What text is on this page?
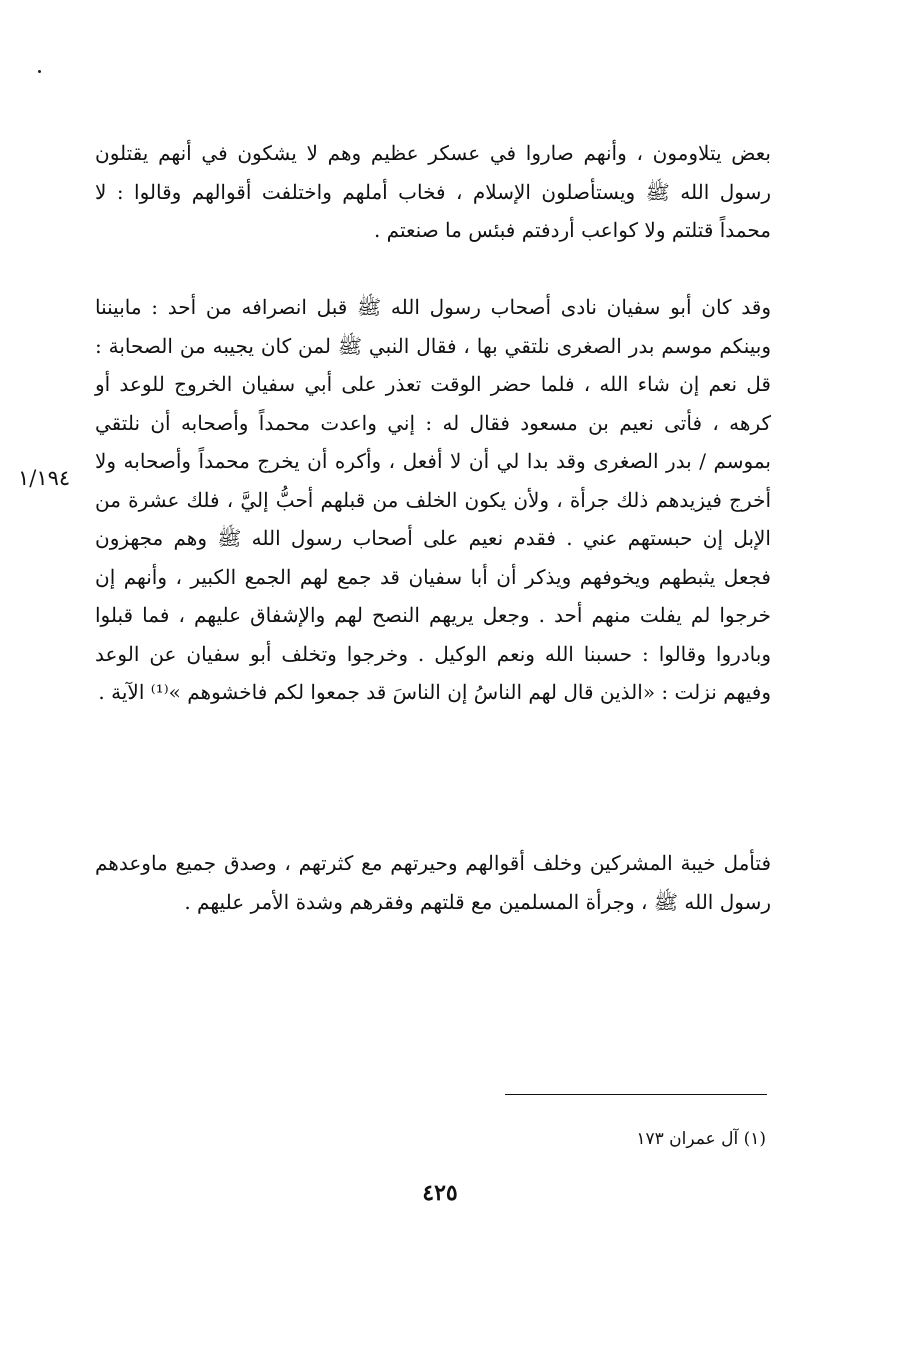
بعض يتلاومون ، وأنهم صاروا في عسكر عظيم وهم لا يشكون في أنهم يقتلون رسول الله ﷺ ويستأصلون الإسلام ، فخاب أملهم واختلفت أقوالهم وقالوا : لا محمداً قتلتم ولا كواعب أردفتم فبئس ما صنعتم .
وقد كان أبو سفيان نادى أصحاب رسول الله ﷺ قبل انصرافه من أحد : مابيننا وبينكم موسم بدر الصغرى نلتقي بها ، فقال النبي ﷺ لمن كان يجيبه من الصحابة : قل نعم إن شاء الله ، فلما حضر الوقت تعذر على أبي سفيان الخروج للوعد أو كرهه ، فأتى نعيم بن مسعود فقال له : إني واعدت محمداً وأصحابه أن نلتقي بموسم / بدر الصغرى وقد بدا لي أن لا أفعل ، وأكره أن يخرج محمداً وأصحابه ولا أخرج فيزيدهم ذلك جرأة ، ولأن يكون الخلف من قبلهم أحبُّ إليَّ ، فلك عشرة من الإبل إن حبستهم عني . فقدم نعيم على أصحاب رسول الله ﷺ وهم مجهزون فجعل يثبطهم ويخوفهم ويذكر أن أبا سفيان قد جمع لهم الجمع الكبير ، وأنهم إن خرجوا لم يفلت منهم أحد . وجعل يريهم النصح لهم والإشفاق عليهم ، فما قبلوا وبادروا وقالوا : حسبنا الله ونعم الوكيل . وخرجوا وتخلف أبو سفيان عن الوعد وفيهم نزلت : «الذين قال لهم الناسُ إن الناسَ قد جمعوا لكم فاخشوهم »⁽¹⁾ الآية .
١/١٩٤
فتأمل خيبة المشركين وخلف أقوالهم وحيرتهم مع كثرتهم ، وصدق جميع ماوعدهم رسول الله ﷺ ، وجرأة المسلمين مع قلتهم وفقرهم وشدة الأمر عليهم .
(١) آل عمران ١٧٣
٤٢٥
